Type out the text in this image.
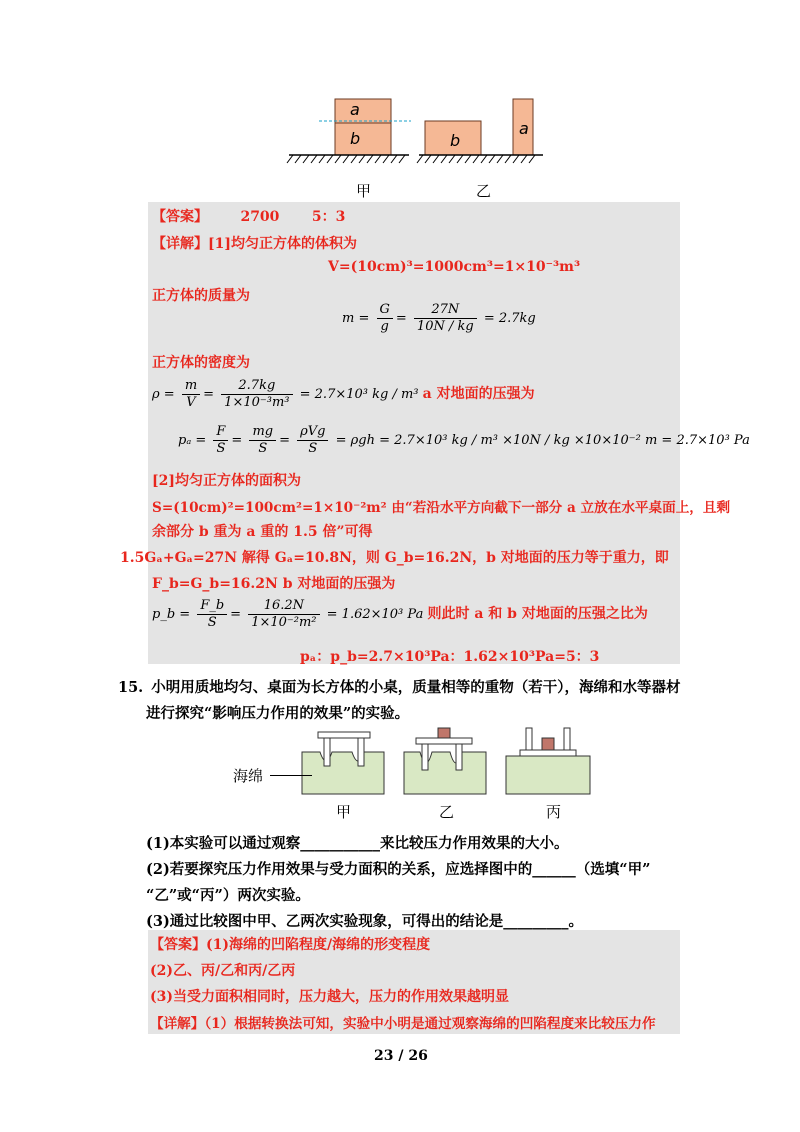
a
b	b
a
甲	乙
【答案】 2700 5：3
【详解】[1]均匀正方体的体积为
V=(10cm)³=1000cm³=1×10⁻³m³
正方体的质量为
$m = \frac{G}{g} = \frac{27N}{10N / kg} = 2.7kg$
正方体的密度为
$\rho = \frac{m}{V} = \frac{2.7kg}{\text{1×10⁻³m³}} = 2.7\times 10^3$ kg / m³ a 对地面的压强为
$p_a = \frac{F}{S} = \frac{mg}{S} = \frac{\text{ρVg}}{S} = \rho gh = 2.7\times 10^3$ kg / m³ ×10N / kg ×10×10⁻² m = 2.7×10³ Pa
[2]均匀正方体的面积为
S=(10cm)²=100cm²=1×10⁻²m² 由“若沿水平方向截下一部分 a 立放在水平桌面上，且剩
余部分 b 重为 a 重的 1.5 倍”可得
1.5Gₐ+Gₐ=27N 解得 Gₐ=10.8N，则 G_b=16.2N，b 对地面的压力等于重力，即
F_b=G_b=16.2N b 对地面的压强为
p_b = $\frac{F\_b}{S} = \frac{16.2N}{\text{1×10⁻²m²}} = 1.62\times 10^3$ Pa 则此时 a 和 b 对地面的压强之比为
pₐ：p_b=2.7×10³Pa：1.62×10³Pa=5：3
15. 小明用质地均匀、桌面为长方体的小桌，质量相等的重物（若干），海绵和水等器材
进行探究“影响压力作用的效果”的实验。
海绵
甲	乙	丙
(1)本实验可以通过观察___________来比较压力作用效果的大小。
(2)若要探究压力作用效果与受力面积的关系，应选择图中的______（选填“甲”
“乙”或“丙”）两次实验。
(3)通过比较图中甲、乙两次实验现象，可得出的结论是_________。
【答案】(1)海绵的凹陷程度/海绵的形变程度
(2)乙、丙/乙和丙/乙丙
(3)当受力面积相同时，压力越大，压力的作用效果越明显
【详解】（1）根据转换法可知，实验中小明是通过观察海绵的凹陷程度来比较压力作
23 / 26
